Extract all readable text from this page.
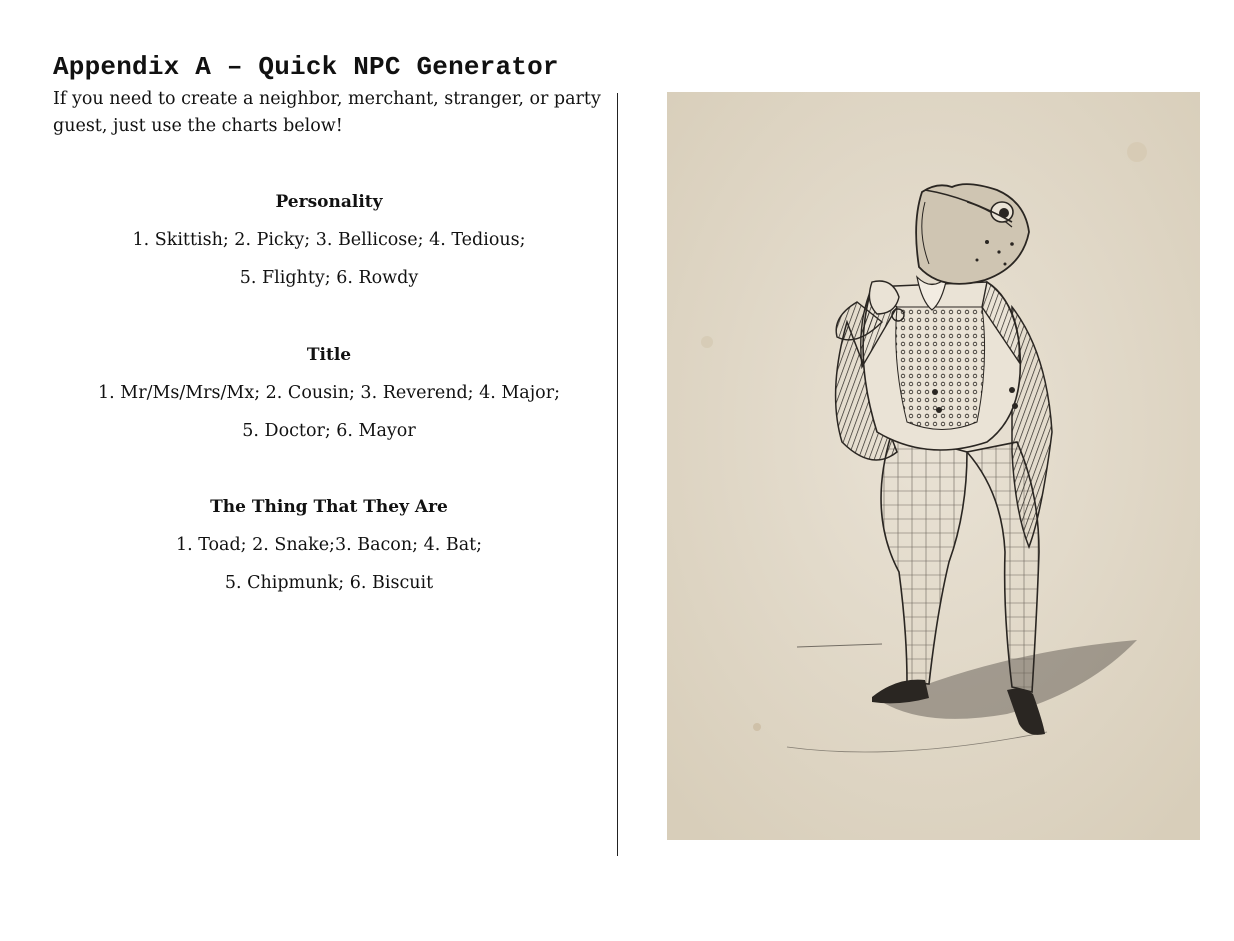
Appendix A – Quick NPC Generator

If you need to create a neighbor, merchant, stranger, or party guest, just use the charts below!

Personality
1. Skittish; 2. Picky; 3. Bellicose; 4. Tedious;
5. Flighty; 6. Rowdy
Title
1. Mr/Ms/Mrs/Mx; 2. Cousin; 3. Reverend; 4. Major;
5. Doctor; 6. Mayor
The Thing That They Are
1. Toad; 2. Snake;3. Bacon; 4. Bat;
5. Chipmunk; 6. Biscuit
